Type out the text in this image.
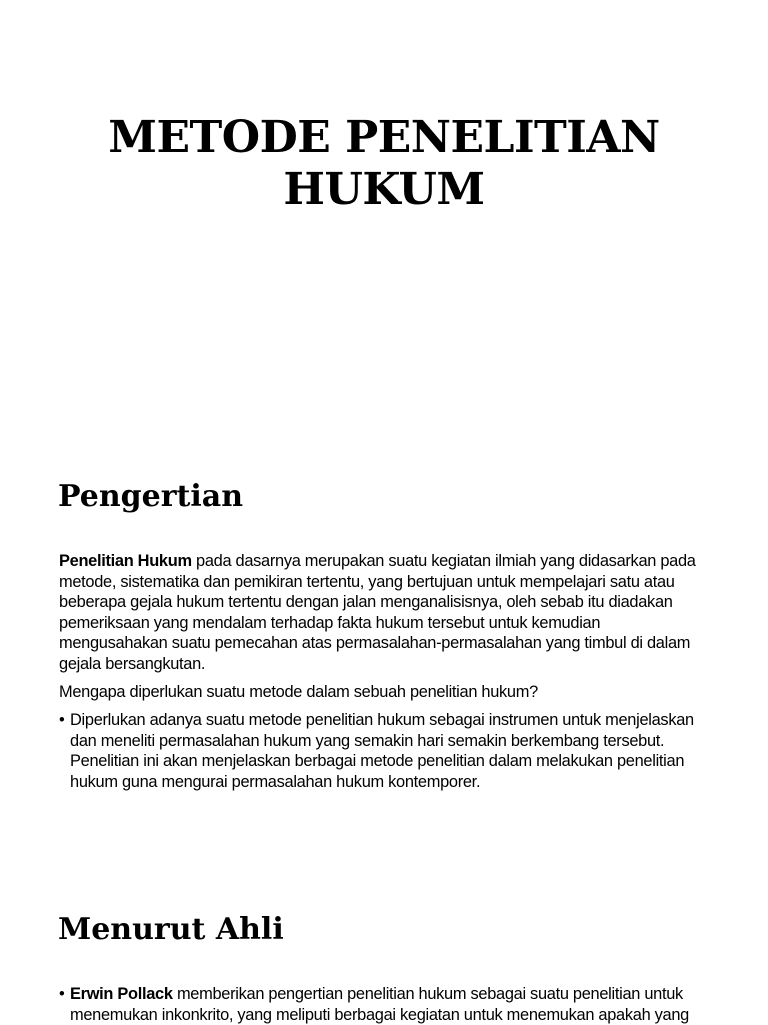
METODE PENELITIAN
HUKUM
Pengertian

Penelitian Hukum pada dasarnya merupakan suatu kegiatan ilmiah yang didasarkan pada metode, sistematika dan pemikiran tertentu, yang bertujuan untuk mempelajari satu atau beberapa gejala hukum tertentu dengan jalan menganalisisnya, oleh sebab itu diadakan pemeriksaan yang mendalam terhadap fakta hukum tersebut untuk kemudian mengusahakan suatu pemecahan atas permasalahan-permasalahan yang timbul di dalam gejala bersangkutan.

Mengapa diperlukan suatu metode dalam sebuah penelitian hukum?

• Diperlukan adanya suatu metode penelitian hukum sebagai instrumen untuk menjelaskan dan meneliti permasalahan hukum yang semakin hari semakin berkembang tersebut. Penelitian ini akan menjelaskan berbagai metode penelitian dalam melakukan penelitian hukum guna mengurai permasalahan hukum kontemporer.
Menurut Ahli
• Erwin Pollack memberikan pengertian penelitian hukum sebagai suatu penelitian untuk menemukan inkonkrito, yang meliputi berbagai kegiatan untuk menemukan apakah yang
